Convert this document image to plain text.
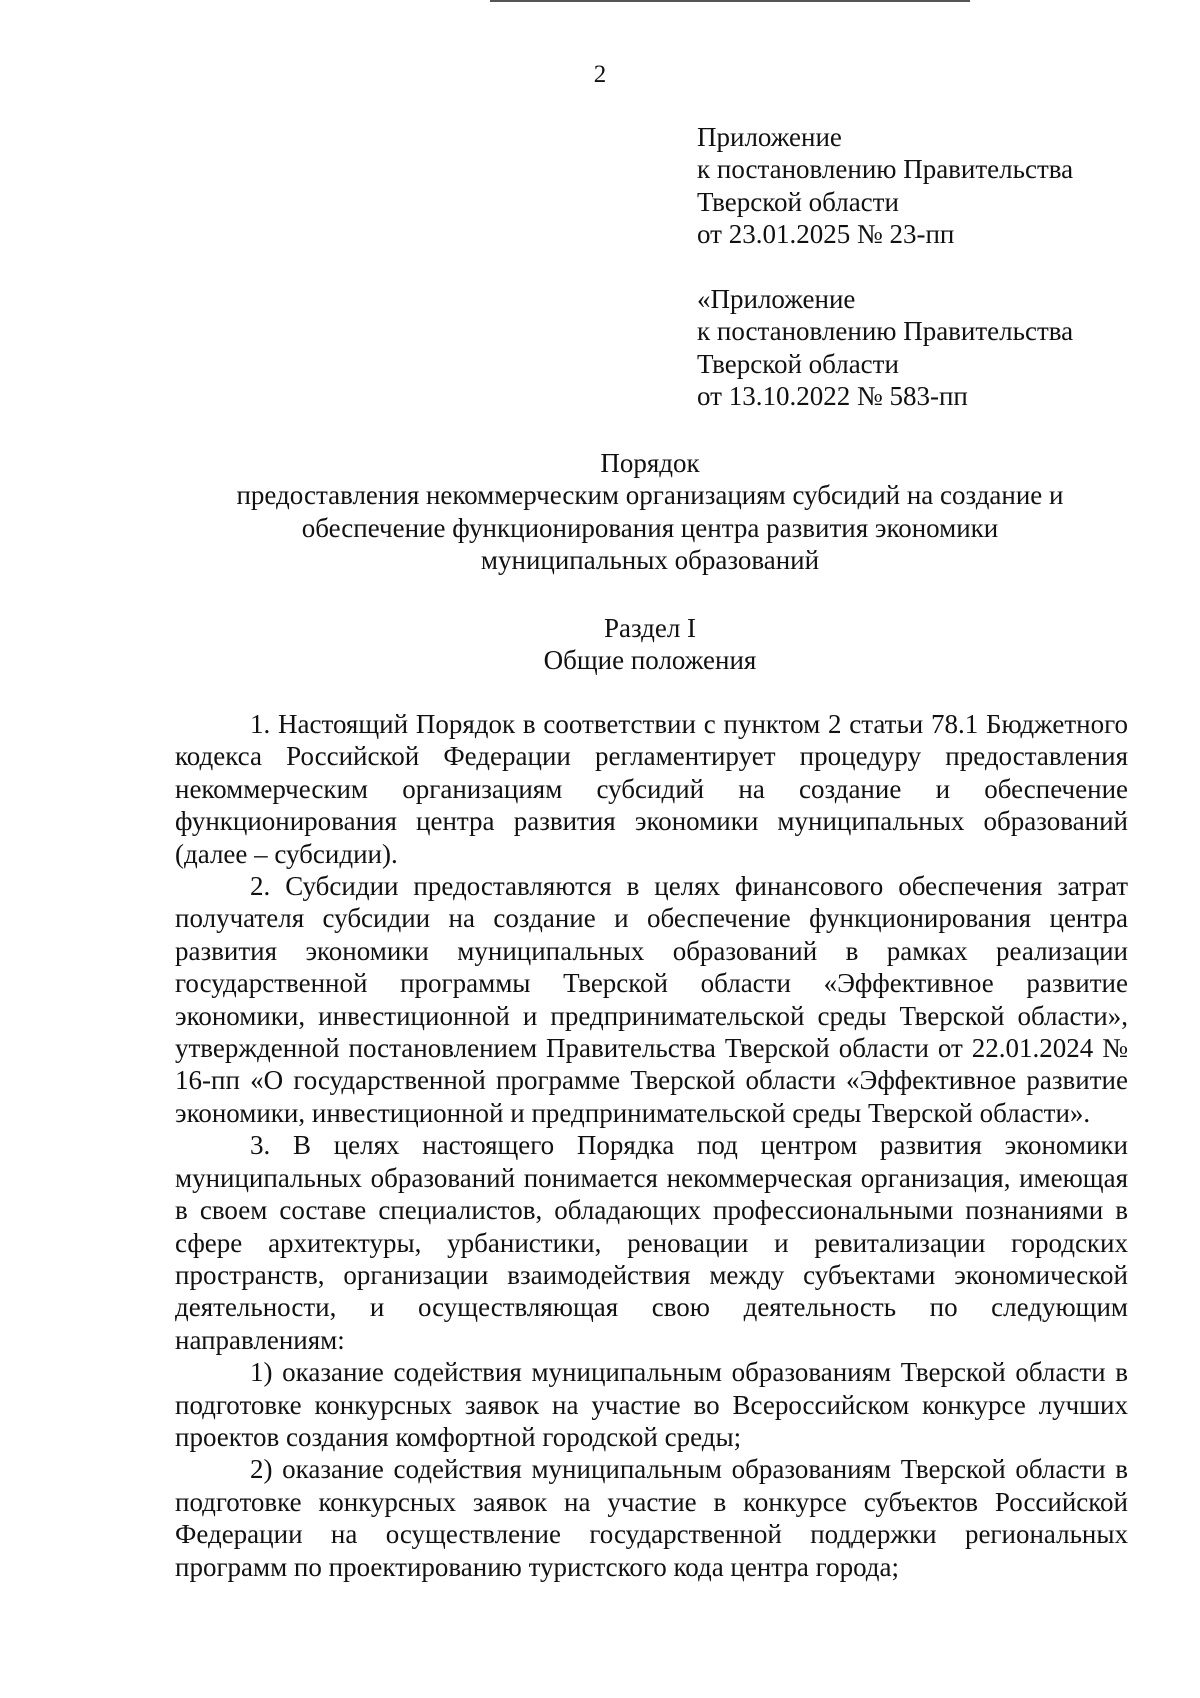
2
Приложение
к постановлению Правительства
Тверской области
от 23.01.2025 № 23-пп
«Приложение
к постановлению Правительства
Тверской области
от 13.10.2022 № 583-пп
Порядок
предоставления некоммерческим организациям субсидий на создание и
обеспечение функционирования центра развития экономики
муниципальных образований
Раздел I
Общие положения

1. Настоящий Порядок в соответствии с пунктом 2 статьи 78.1 Бюджетного кодекса Российской Федерации регламентирует процедуру предоставления некоммерческим организациям субсидий на создание и обеспечение функционирования центра развития экономики муниципальных образований (далее – субсидии).

2. Субсидии предоставляются в целях финансового обеспечения затрат получателя субсидии на создание и обеспечение функционирования центра развития экономики муниципальных образований в рамках реализации государственной программы Тверской области «Эффективное развитие экономики, инвестиционной и предпринимательской среды Тверской области», утвержденной постановлением Правительства Тверской области от 22.01.2024 № 16-пп «О государственной программе Тверской области «Эффективное развитие экономики, инвестиционной и предпринимательской среды Тверской области».

3. В целях настоящего Порядка под центром развития экономики муниципальных образований понимается некоммерческая организация, имеющая в своем составе специалистов, обладающих профессиональными познаниями в сфере архитектуры, урбанистики, реновации и ревитализации городских пространств, организации взаимодействия между субъектами экономической деятельности, и осуществляющая свою деятельность по следующим направлениям:

1) оказание содействия муниципальным образованиям Тверской области в подготовке конкурсных заявок на участие во Всероссийском конкурсе лучших проектов создания комфортной городской среды;

2) оказание содействия муниципальным образованиям Тверской области в подготовке конкурсных заявок на участие в конкурсе субъектов Российской Федерации на осуществление государственной поддержки региональных программ по проектированию туристского кода центра города;
